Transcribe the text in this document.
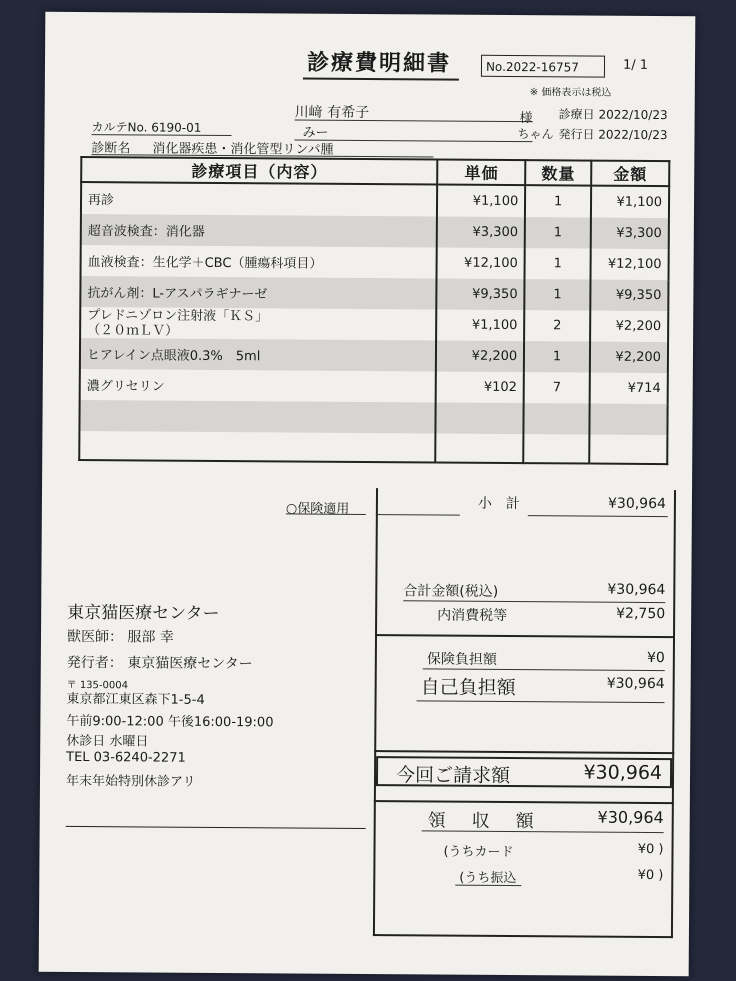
診療費明細書	No.2022-16757	1/ 1
※ 価格表示は税込
川﨑 有希子	様 診療日 2022/10/23
カルテNo. 6190-01	みー	ちゃん 発行日 2022/10/23
診断名 消化器疾患・消化管型リンパ腫
診療項目（内容）	単価	数量	金額
再診	¥1,100	1	¥1,100
超音波検査：消化器	¥3,300	1	¥3,300
血液検査：生化学＋CBC（腫瘍科項目）	¥12,100	1	¥12,100
抗がん剤：L-アスパラギナーゼ	¥9,350	1	¥9,350

プレドニゾロン注射液「ＫＳ」
（２０ｍＬＶ）	¥1,100	2	¥2,200
ヒアレイン点眼液0.3%　5ml	¥2,200	1	¥2,200
濃グリセリン	¥102	7	¥714

○保険適用	小　計	¥30,964
合計金額(税込)	¥30,964
内消費税等	¥2,750
保険負担額	¥0
自己負担額	¥30,964
領　収　額	¥30,964
(うちカード	¥0 )
(うち振込	¥0 )
今回ご請求額	¥30,964
東京猫医療センター
獣医師： 服部 幸
発行者： 東京猫医療センター
〒 135-0004
東京都江東区森下1-5-4
午前9:00-12:00 午後16:00-19:00
休診日 水曜日
TEL 03-6240-2271
年末年始特別休診アリ
